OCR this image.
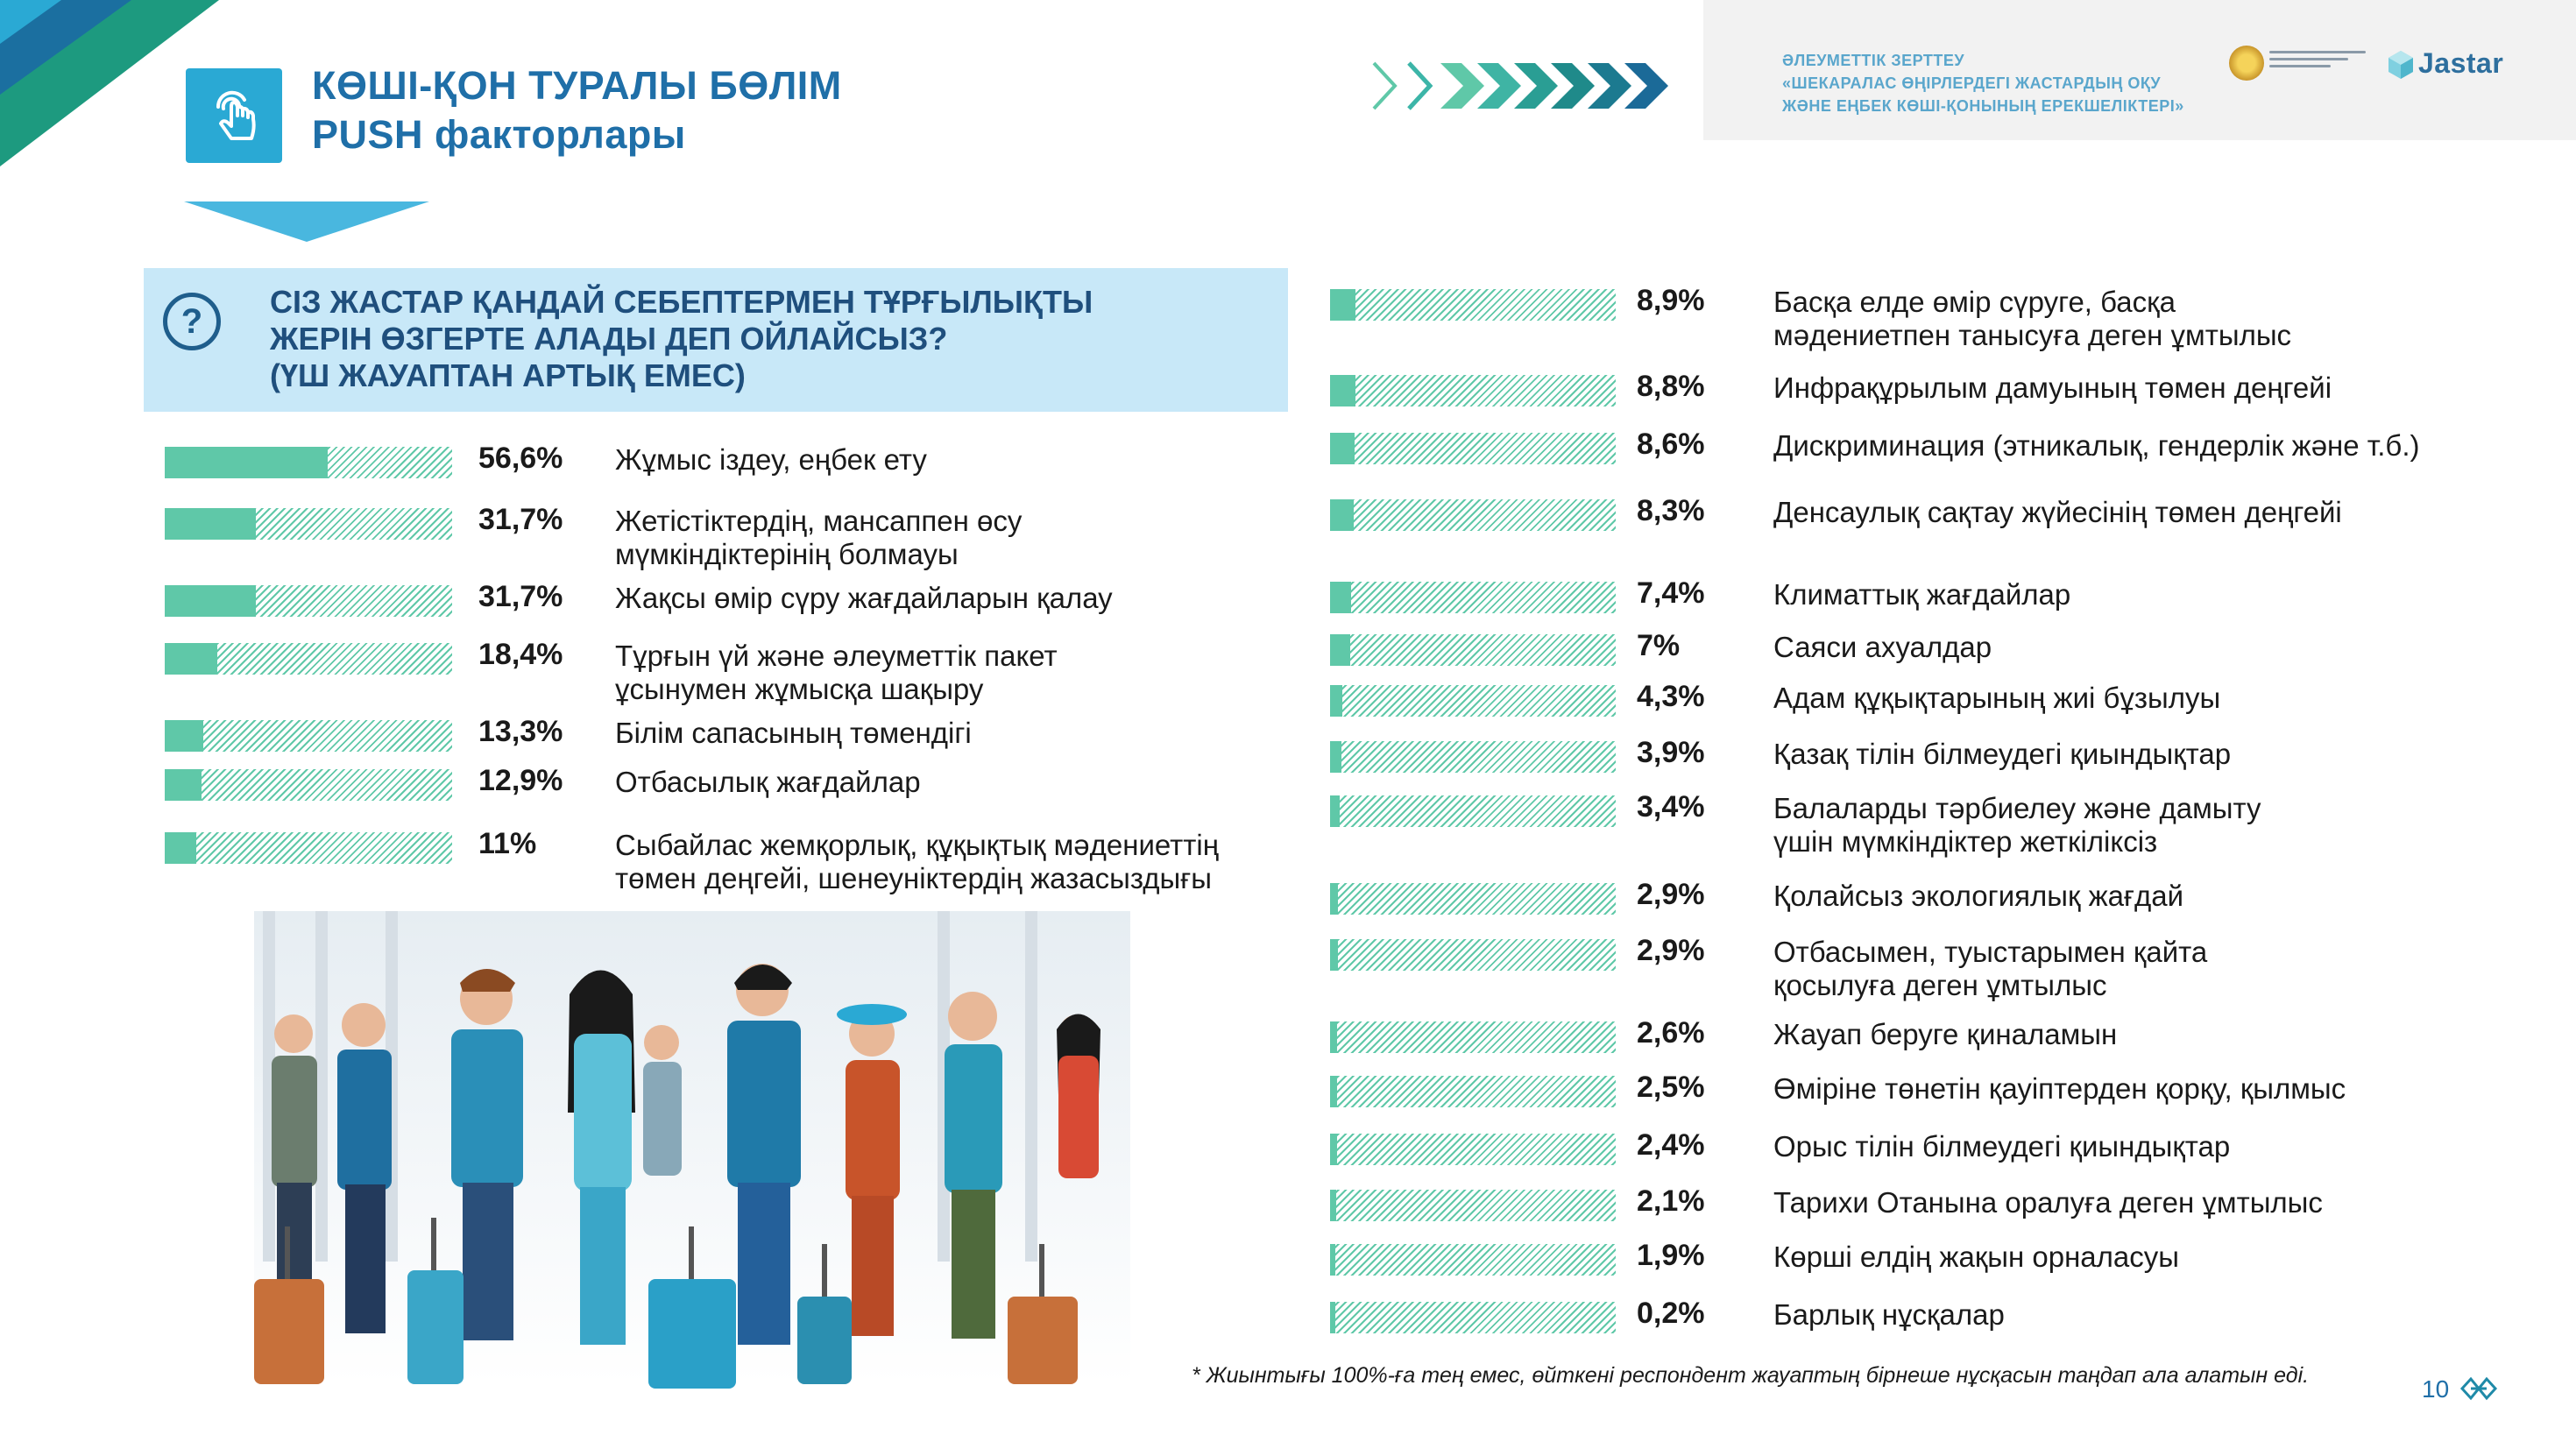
КӨШІ-ҚОН ТУРАЛЫ БӨЛІМ
PUSH факторлары
ӘЛЕУМЕТТІК ЗЕРТТЕУ
«ШЕКАРАЛАС ӨҢІРЛЕРДЕГІ ЖАСТАРДЫҢ ОҚУ
ЖӘНЕ ЕҢБЕК КӨШІ-ҚОНЫНЫҢ ЕРЕКШЕЛІКТЕРІ»
Jastar
?	СІЗ ЖАСТАР ҚАНДАЙ СЕБЕПТЕРМЕН ТҰРҒЫЛЫҚТЫ
ЖЕРІН ӨЗГЕРТЕ АЛАДЫ ДЕП ОЙЛАЙСЫЗ?
(ҮШ ЖАУАПТАН АРТЫҚ ЕМЕС)
56,6% Жұмыс іздеу, еңбек ету
31,7% Жетістіктердің, мансаппен өсу
мүмкіндіктерінің болмауы
31,7% Жақсы өмір сүру жағдайларын қалау
18,4% Тұрғын үй және әлеуметтік пакет
ұсынумен жұмысқа шақыру
13,3% Білім сапасының төмендігі
12,9% Отбасылық жағдайлар
11%	Сыбайлас жемқорлық, құқықтық мәдениеттің
төмен деңгейі, шенеуніктердің жазасыздығы
8,9% Басқа елде өмір сүруге, басқа
мәдениетпен танысуға деген ұмтылыс
8,8% Инфрақұрылым дамуының төмен деңгейі
8,6% Дискриминация (этникалық, гендерлік және т.б.)
8,3% Денсаулық сақтау жүйесінің төмен деңгейі
7,4% Климаттық жағдайлар
7%	Саяси ахуалдар
4,3% Адам құқықтарының жиі бұзылуы
3,9% Қазақ тілін білмеудегі қиындықтар
3,4% Балаларды тәрбиелеу және дамыту
үшін мүмкіндіктер жеткіліксіз
2,9% Қолайсыз экологиялық жағдай
2,9% Отбасымен, туыстарымен қайта
қосылуға деген ұмтылыс
2,6% Жауап беруге қиналамын
2,5% Өміріне төнетін қауіптерден қорқу, қылмыс
2,4% Орыс тілін білмеудегі қиындықтар
2,1% Тарихи Отанына оралуға деген ұмтылыс
1,9% Көрші елдің жақын орналасуы
0,2% Барлық нұсқалар
* Жиынтығы 100%-ға тең емес, өйткені респондент жауаптың бірнеше нұсқасын таңдап ала алатын еді.	10
